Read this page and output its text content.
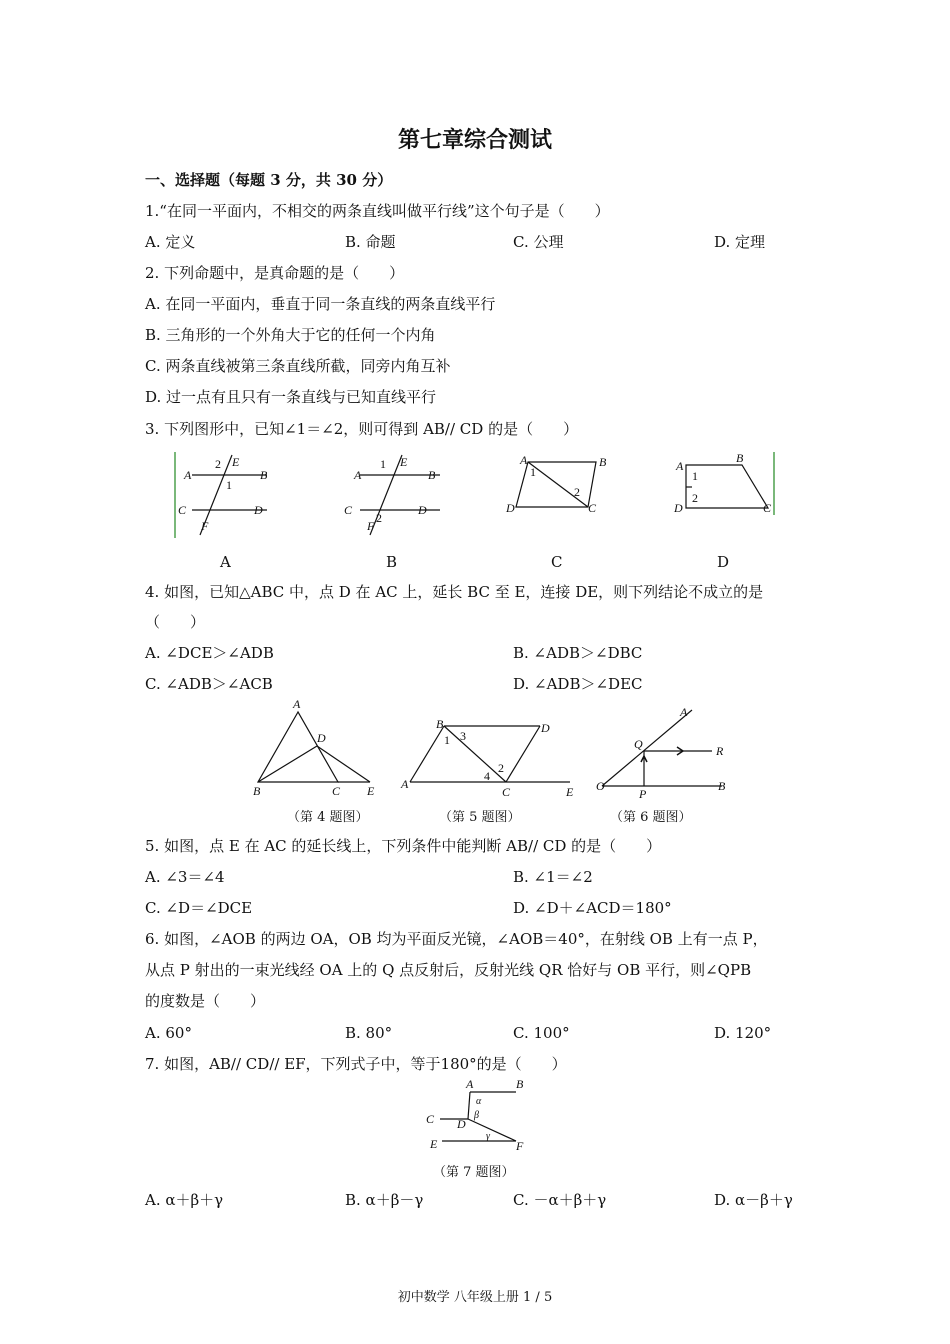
第七章综合测试
一、选择题（每题 3 分，共 30 分）
1.“在同一平面内，不相交的两条直线叫做平行线”这个句子是（　　）
A. 定义	B. 命题	C. 公理	D. 定理
2. 下列命题中，是真命题的是（　　）
A. 在同一平面内，垂直于同一条直线的两条直线平行
B. 三角形的一个外角大于它的任何一个内角
C. 两条直线被第三条直线所截，同旁内角互补
D. 过一点有且只有一条直线与已知直线平行
3. 下列图形中，已知∠1＝∠2，则可得到 AB// CD 的是（　　）
A	B
C	D
E
F
2
1
A
A	B
C	D
E
F
1
2
B
A	B
D	C
1
2
C
A
B
D	C
1
2
D
4. 如图，已知△ABC 中，点 D 在 AC 上，延长 BC 至 E，连接 DE，则下列结论不成立的是
（　　）
A. ∠DCE＞∠ADB	B. ∠ADB＞∠DBC
C. ∠ADB＞∠ACB	D. ∠ADB＞∠DEC
A
B	C
D
E
（第 4 题图）
B	D
A
C	E
3
1
2
4
（第 5 题图）
A
O
Q	R
P
B
（第 6 题图）
5. 如图，点 E 在 AC 的延长线上，下列条件中能判断 AB// CD 的是（　　）
A. ∠3＝∠4	B. ∠1＝∠2
C. ∠D＝∠DCE	D. ∠D＋∠ACD＝180°
6. 如图，∠AOB 的两边 OA，OB 均为平面反光镜，∠AOB＝40°，在射线 OB 上有一点 P，
从点 P 射出的一束光线经 OA 上的 Q 点反射后，反射光线 QR 恰好与 OB 平行，则∠QPB
的度数是（　　）
A. 60°	B. 80°	C. 100°	D. 120°
7. 如图，AB// CD// EF，下列式子中，等于180°的是（　　）
A	B
C D
E	F
α
β
γ
（第 7 题图）
A. α＋β＋γ	B. α＋β－γ	C. －α＋β＋γ	D. α－β＋γ
初中数学 八年级上册 1 / 5
